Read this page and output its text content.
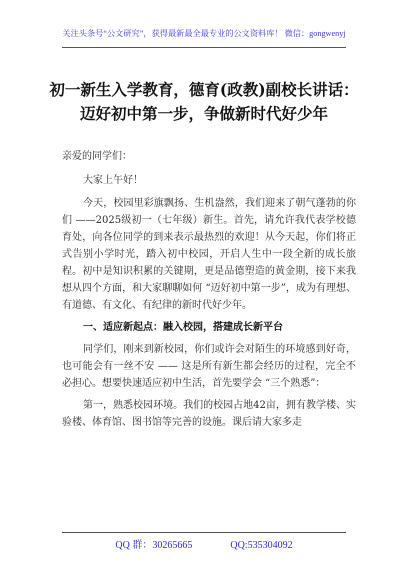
关注头条号“公文研究”，获得最新最全最专业的公文资料库！ 微信：gongwenyj
初一新生入学教育，德育(政教)副校长讲话：
迈好初中第一步，争做新时代好少年

亲爱的同学们：

大家上午好！

今天，校园里彩旗飘扬、生机盎然，我们迎来了朝气蓬勃的你们 ——2025级初一（七年级）新生。首先，请允许我代表学校德育处，向各位同学的到来表示最热烈的欢迎！从今天起，你们将正式告别小学时光，踏入初中校园，开启人生中一段全新的成长旅程。初中是知识积累的关键期，更是品德塑造的黄金期，接下来我想从四个方面，和大家聊聊如何 “迈好初中第一步”，成为有理想、有道德、有文化、有纪律的新时代好少年。

一、适应新起点：融入校园，搭建成长新平台

同学们，刚来到新校园，你们或许会对陌生的环境感到好奇，也可能会有一丝不安 —— 这是所有新生都会经历的过程，完全不必担心。想要快速适应初中生活，首先要学会 “三个熟悉”：

第一，熟悉校园环境。我们的校园占地42亩，拥有教学楼、实验楼、体育馆、图书馆等完善的设施。课后请大家多走

QQ 群：30265665	QQ:535304092
